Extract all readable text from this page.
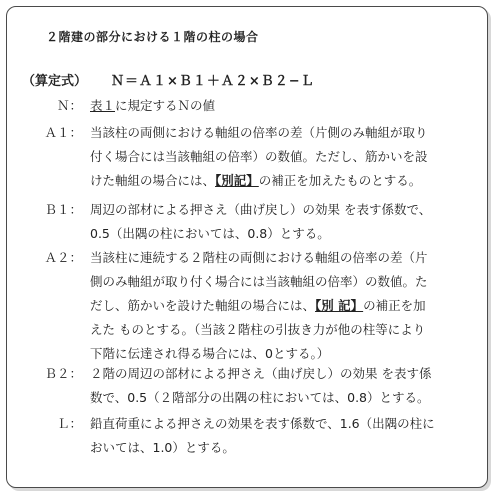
２階建の部分における１階の柱の場合
（算定式） Ｎ＝Ａ１×Ｂ１＋Ａ２×Ｂ２−Ｌ
Ｎ： 表１に規定するＮの値
Ａ１： 当該柱の両側における軸組の倍率の差（片側のみ軸組が取り
付く場合には当該軸組の倍率）の数値。ただし、筋かいを設
けた軸組の場合には、【別記】の補正を加えたものとする。
Ｂ１： 周辺の部材による押さえ（曲げ戻し）の効果 を表す係数で、
0.5（出隅の柱においては、0.8）とする。
Ａ２： 当該柱に連続する２階柱の両側における軸組の倍率の差（片
側のみ軸組が取り付く場合には当該軸組の倍率）の数値。た
だし、筋かいを設けた軸組の場合には、【別 記】の補正を加
えた ものとする。（当該２階柱の引抜き力が他の柱等により
下階に伝達され得る場合には、0とする。）
Ｂ２： ２階の周辺の部材による押さえ（曲げ戻し）の効果 を表す係
数で、0.5（２階部分の出隅の柱においては、0.8）とする。
Ｌ： 鉛直荷重による押さえの効果を表す係数で、1.6（出隅の柱に
おいては、1.0）とする。
